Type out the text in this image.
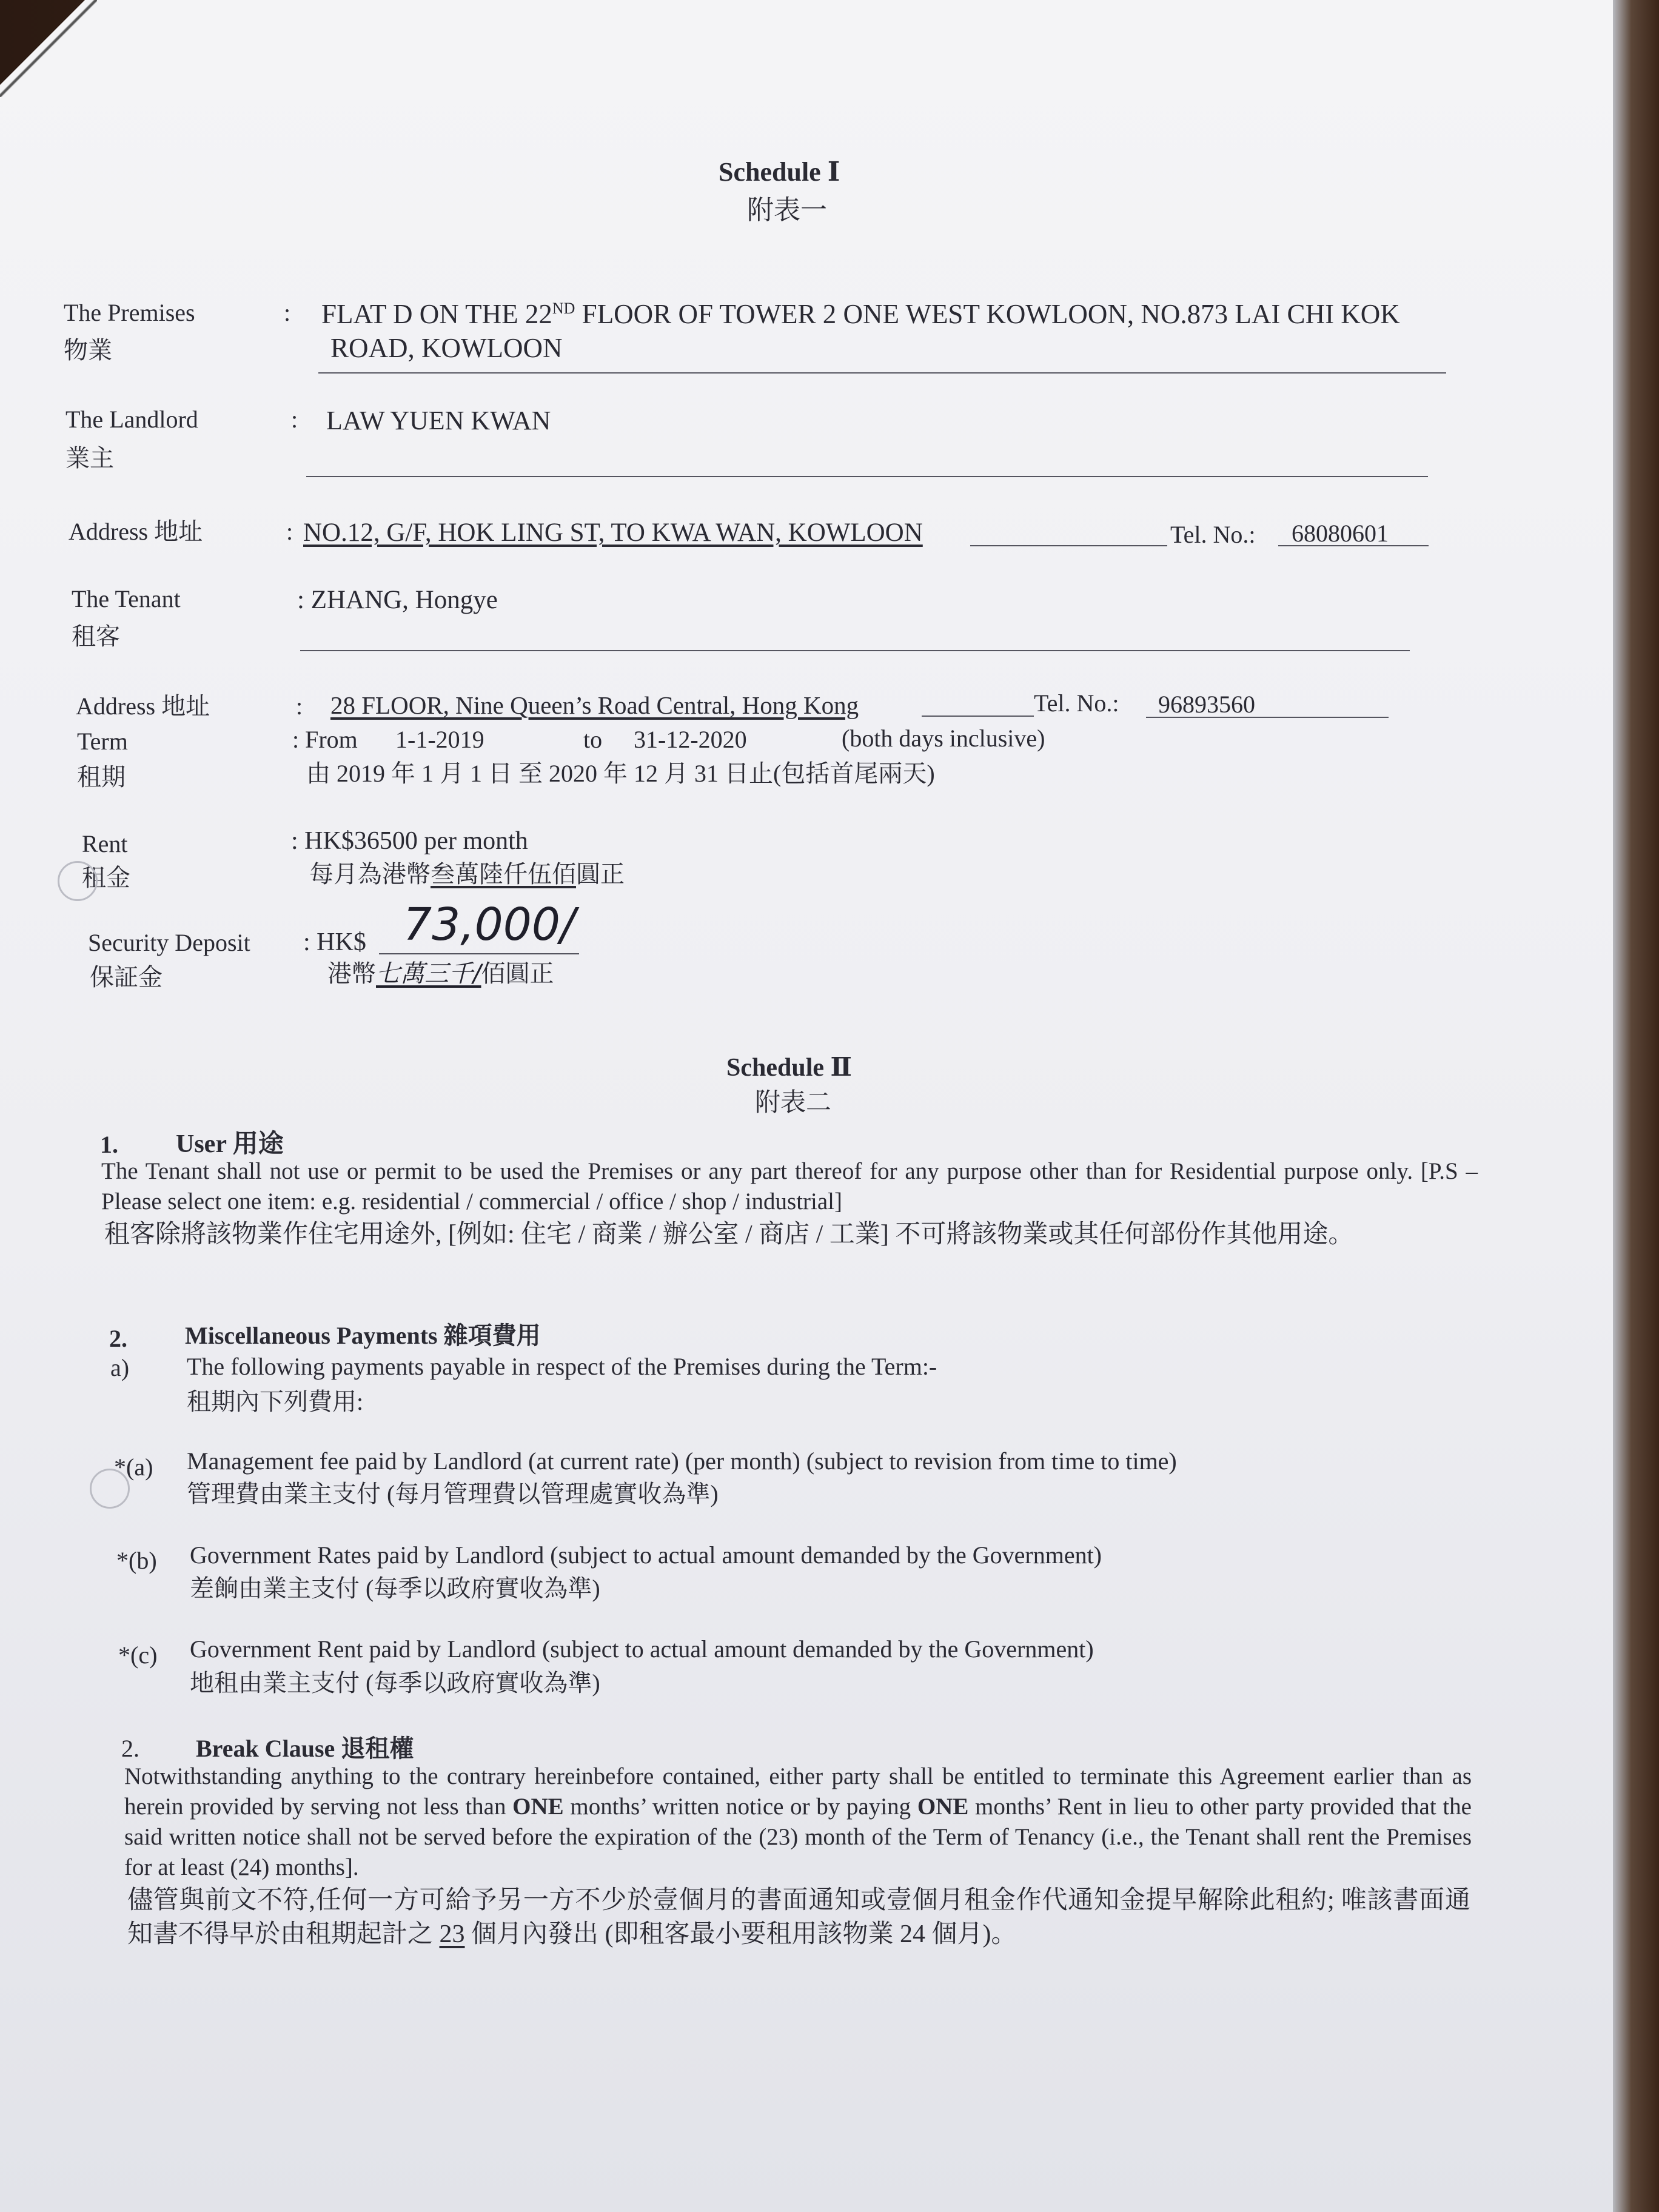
Schedule Ⅰ
附表一
The Premises
物業
: FLAT D ON THE 22ND FLOOR OF TOWER 2 ONE WEST KOWLOON, NO.873 LAI CHI KOK
ROAD, KOWLOON
The Landlord
業主
: LAW YUEN KWAN
Address 地址	: NO.12, G/F, HOK LING ST, TO KWA WAN, KOWLOON	Tel. No.: 68080601
The Tenant
租客
: ZHANG, Hongye
Address 地址	: 28 FLOOR, Nine Queen’s Road Central, Hong Kong	Tel. No.: 96893560
Term
租期
: From 1-1-2019	to 31-12-2020	(both days inclusive)
由 2019 年 1 月 1 日 至 2020 年 12 月 31 日止(包括首尾兩天)
Rent
租金
: HK$36500 per month
每月為港幣叁萬陸仟伍佰圓正
Security Deposit
保証金
: HK$ 73,000/
港幣七萬三千/佰圓正
Schedule Ⅱ
附表二
1. User 用途
The Tenant shall not use or permit to be used the Premises or any part thereof for any purpose other than for Residential purpose only. [P.S – Please select one item: e.g. residential / commercial / office / shop / industrial]
租客除將該物業作住宅用途外, [例如: 住宅 / 商業 / 辦公室 / 商店 / 工業] 不可將該物業或其任何部份作其他用途。
2. Miscellaneous Payments 雜項費用
a) The following payments payable in respect of the Premises during the Term:-
租期內下列費用:
*(a) Management fee paid by Landlord (at current rate) (per month) (subject to revision from time to time)
管理費由業主支付 (每月管理費以管理處實收為準)
*(b) Government Rates paid by Landlord (subject to actual amount demanded by the Government)
差餉由業主支付 (每季以政府實收為準)
*(c) Government Rent paid by Landlord (subject to actual amount demanded by the Government)
地租由業主支付 (每季以政府實收為準)
2. Break Clause 退租權
Notwithstanding anything to the contrary hereinbefore contained, either party shall be entitled to terminate this Agreement earlier than as herein provided by serving not less than ONE months’ written notice or by paying ONE months’ Rent in lieu to other party provided that the said written notice shall not be served before the expiration of the (23) month of the Term of Tenancy (i.e., the Tenant shall rent the Premises for at least (24) months].
儘管與前文不符,任何一方可給予另一方不少於壹個月的書面通知或壹個月租金作代通知金提早解除此租約; 唯該書面通知書不得早於由租期起計之 23 個月內發出 (即租客最小要租用該物業 24 個月)。
